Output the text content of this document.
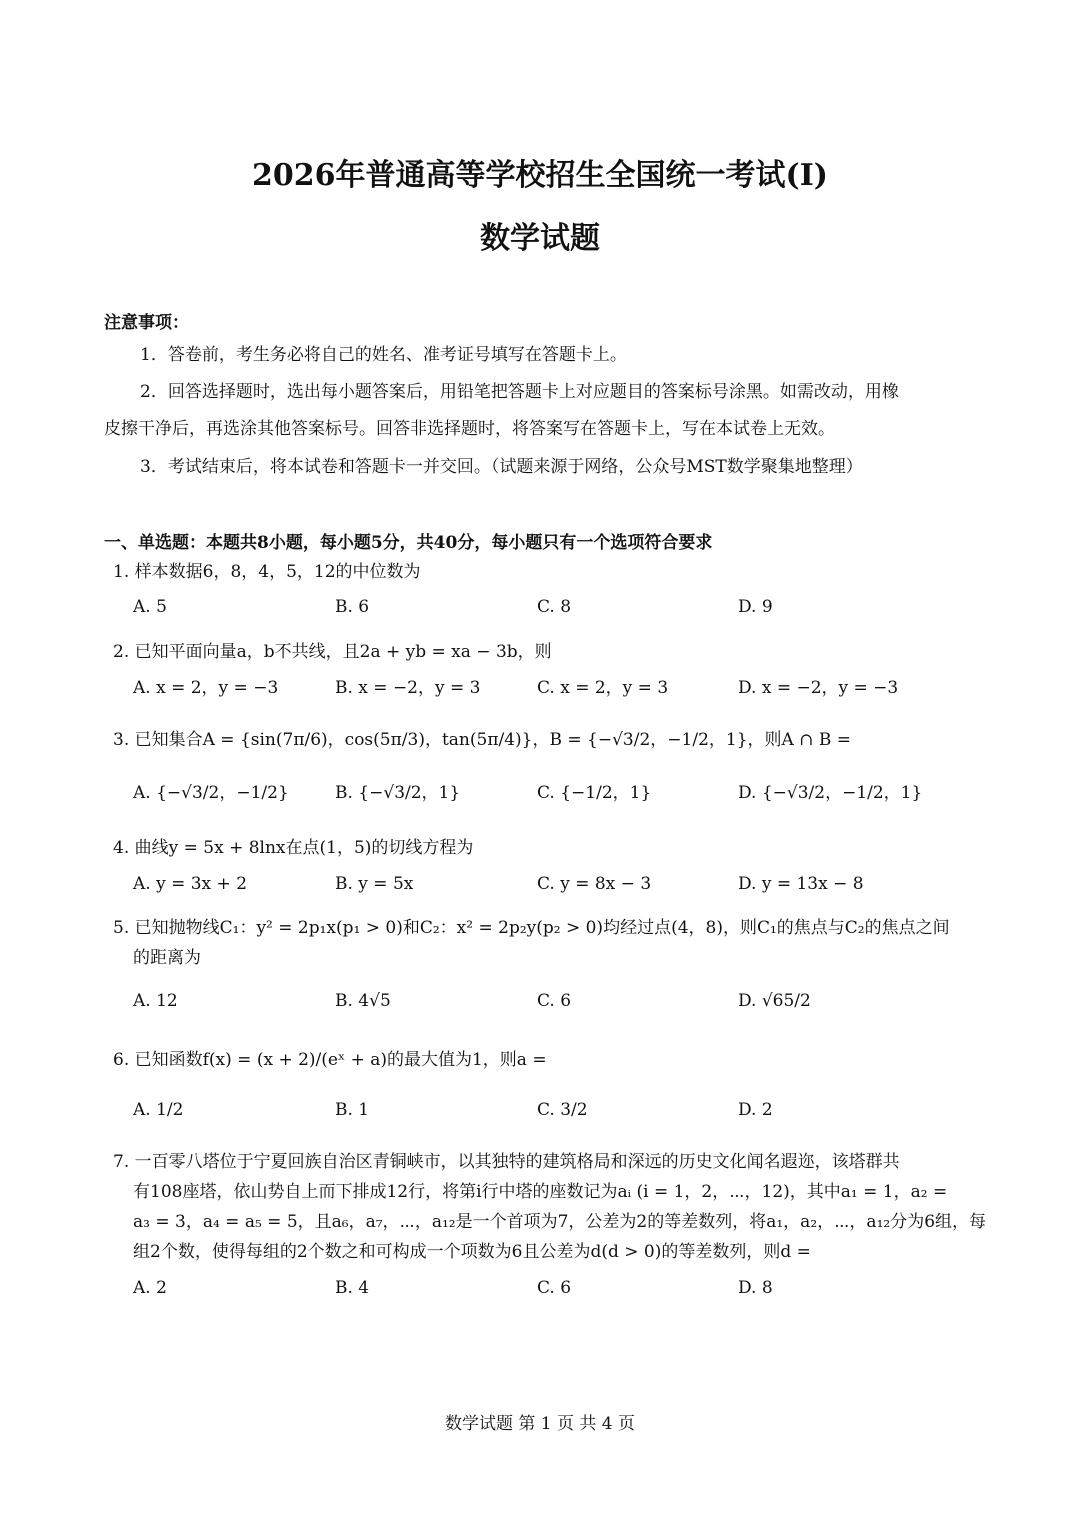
2026年普通高等学校招生全国统一考试(I)
数学试题
注意事项：
1．答卷前，考生务必将自己的姓名、准考证号填写在答题卡上。
2．回答选择题时，选出每小题答案后，用铅笔把答题卡上对应题目的答案标号涂黑。如需改动，用橡
皮擦干净后，再选涂其他答案标号。回答非选择题时，将答案写在答题卡上，写在本试卷上无效。
3．考试结束后，将本试卷和答题卡一并交回。（试题来源于网络，公众号MST数学聚集地整理）
一、单选题：本题共8小题，每小题5分，共40分，每小题只有一个选项符合要求
1. 样本数据6，8，4，5，12的中位数为
A. 5	B. 6	C. 8	D. 9
2. 已知平面向量a，b不共线，且2a + yb = xa − 3b，则
A. x = 2，y = −3	B. x = −2，y = 3	C. x = 2，y = 3	D. x = −2，y = −3
3. 已知集合A = {sin(7π/6)，cos(5π/3)，tan(5π/4)}，B = {−√3/2，−1/2，1}，则A ∩ B =
A. {−√3/2，−1/2}	B. {−√3/2，1}	C. {−1/2，1}	D. {−√3/2，−1/2，1}
4. 曲线y = 5x + 8lnx在点(1，5)的切线方程为
A. y = 3x + 2	B. y = 5x	C. y = 8x − 3	D. y = 13x − 8
5. 已知抛物线C₁：y² = 2p₁x(p₁ > 0)和C₂：x² = 2p₂y(p₂ > 0)均经过点(4，8)，则C₁的焦点与C₂的焦点之间
的距离为
A. 12	B. 4√5	C. 6	D. √65/2
6. 已知函数f(x) = (x + 2)/(eˣ + a)的最大值为1，则a =
A. 1/2	B. 1	C. 3/2	D. 2
7. 一百零八塔位于宁夏回族自治区青铜峡市，以其独特的建筑格局和深远的历史文化闻名遐迩，该塔群共
有108座塔，依山势自上而下排成12行，将第i行中塔的座数记为aᵢ (i = 1，2，⋯，12)，其中a₁ = 1，a₂ =
a₃ = 3，a₄ = a₅ = 5，且a₆，a₇，⋯，a₁₂是一个首项为7，公差为2的等差数列，将a₁，a₂，⋯，a₁₂分为6组，每
组2个数，使得每组的2个数之和可构成一个项数为6且公差为d(d > 0)的等差数列，则d =
A. 2	B. 4	C. 6	D. 8
数学试题 第 1 页 共 4 页
